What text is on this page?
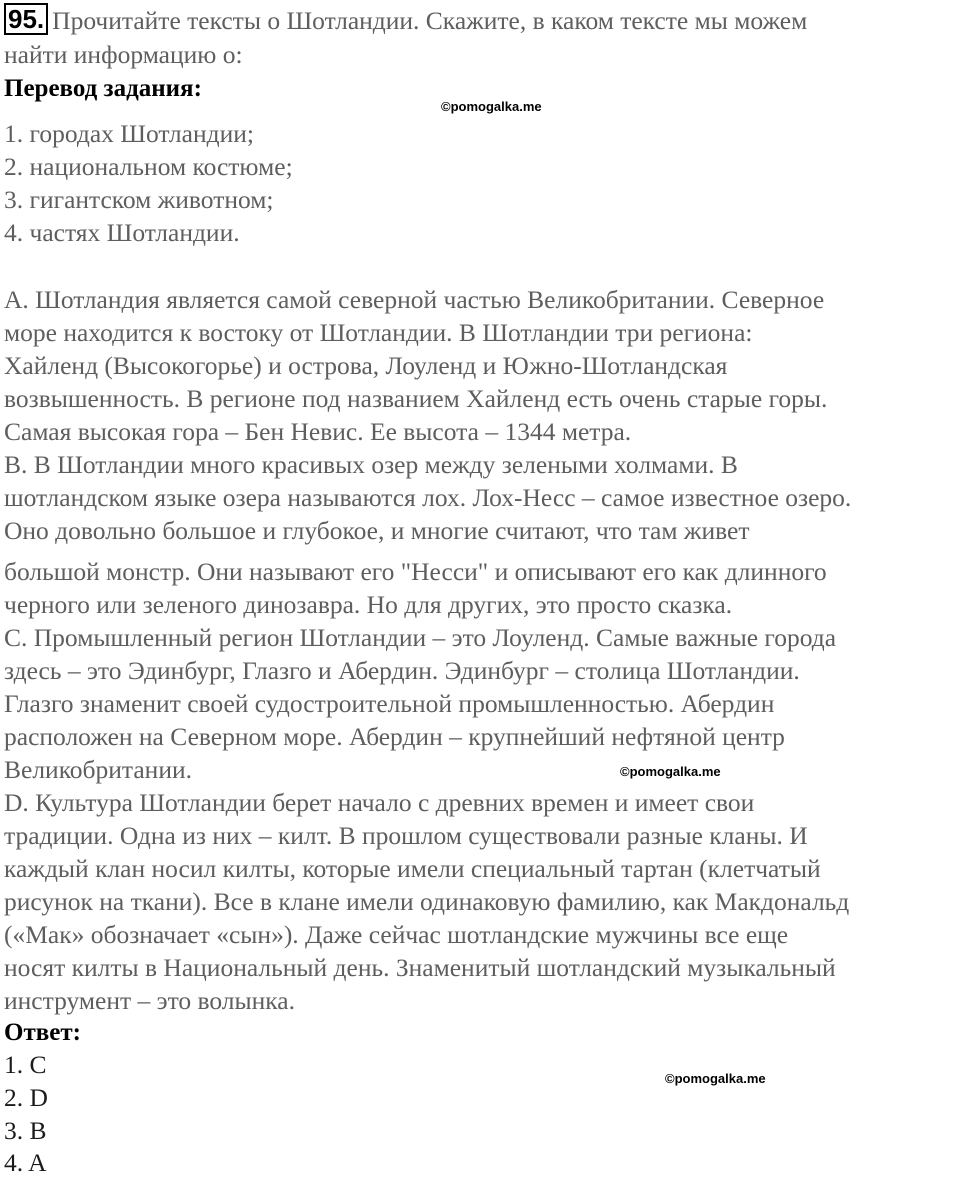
95. Прочитайте тексты о Шотландии. Скажите, в каком тексте мы можем
найти информацию о:
Перевод задания:
1. городах Шотландии;
2. национальном костюме;
3. гигантском животном;
4. частях Шотландии.
A. Шотландия является самой северной частью Великобритании. Северное
море находится к востоку от Шотландии. В Шотландии три региона:
Хайленд (Высокогорье) и острова, Лоуленд и Южно-Шотландская
возвышенность. В регионе под названием Хайленд есть очень старые горы.
Самая высокая гора – Бен Невис. Ее высота – 1344 метра.
B. В Шотландии много красивых озер между зелеными холмами. В
шотландском языке озера называются лох. Лох-Несс – самое известное озеро.
Оно довольно большое и глубокое, и многие считают, что там живет
большой монстр. Они называют его "Несси" и описывают его как длинного
черного или зеленого динозавра. Но для других, это просто сказка.
C. Промышленный регион Шотландии – это Лоуленд. Самые важные города
здесь – это Эдинбург, Глазго и Абердин. Эдинбург – столица Шотландии.
Глазго знаменит своей судостроительной промышленностью. Абердин
расположен на Северном море. Абердин – крупнейший нефтяной центр
Великобритании.
D. Культура Шотландии берет начало с древних времен и имеет свои
традиции. Одна из них – килт. В прошлом существовали разные кланы. И
каждый клан носил килты, которые имели специальный тартан (клетчатый
рисунок на ткани). Все в клане имели одинаковую фамилию, как Макдональд
(«Мак» обозначает «сын»). Даже сейчас шотландские мужчины все еще
носят килты в Национальный день. Знаменитый шотландский музыкальный
инструмент – это волынка.
Ответ:
1. C
2. D
3. B
4. A
©pomogalka.me
©pomogalka.me
©pomogalka.me
